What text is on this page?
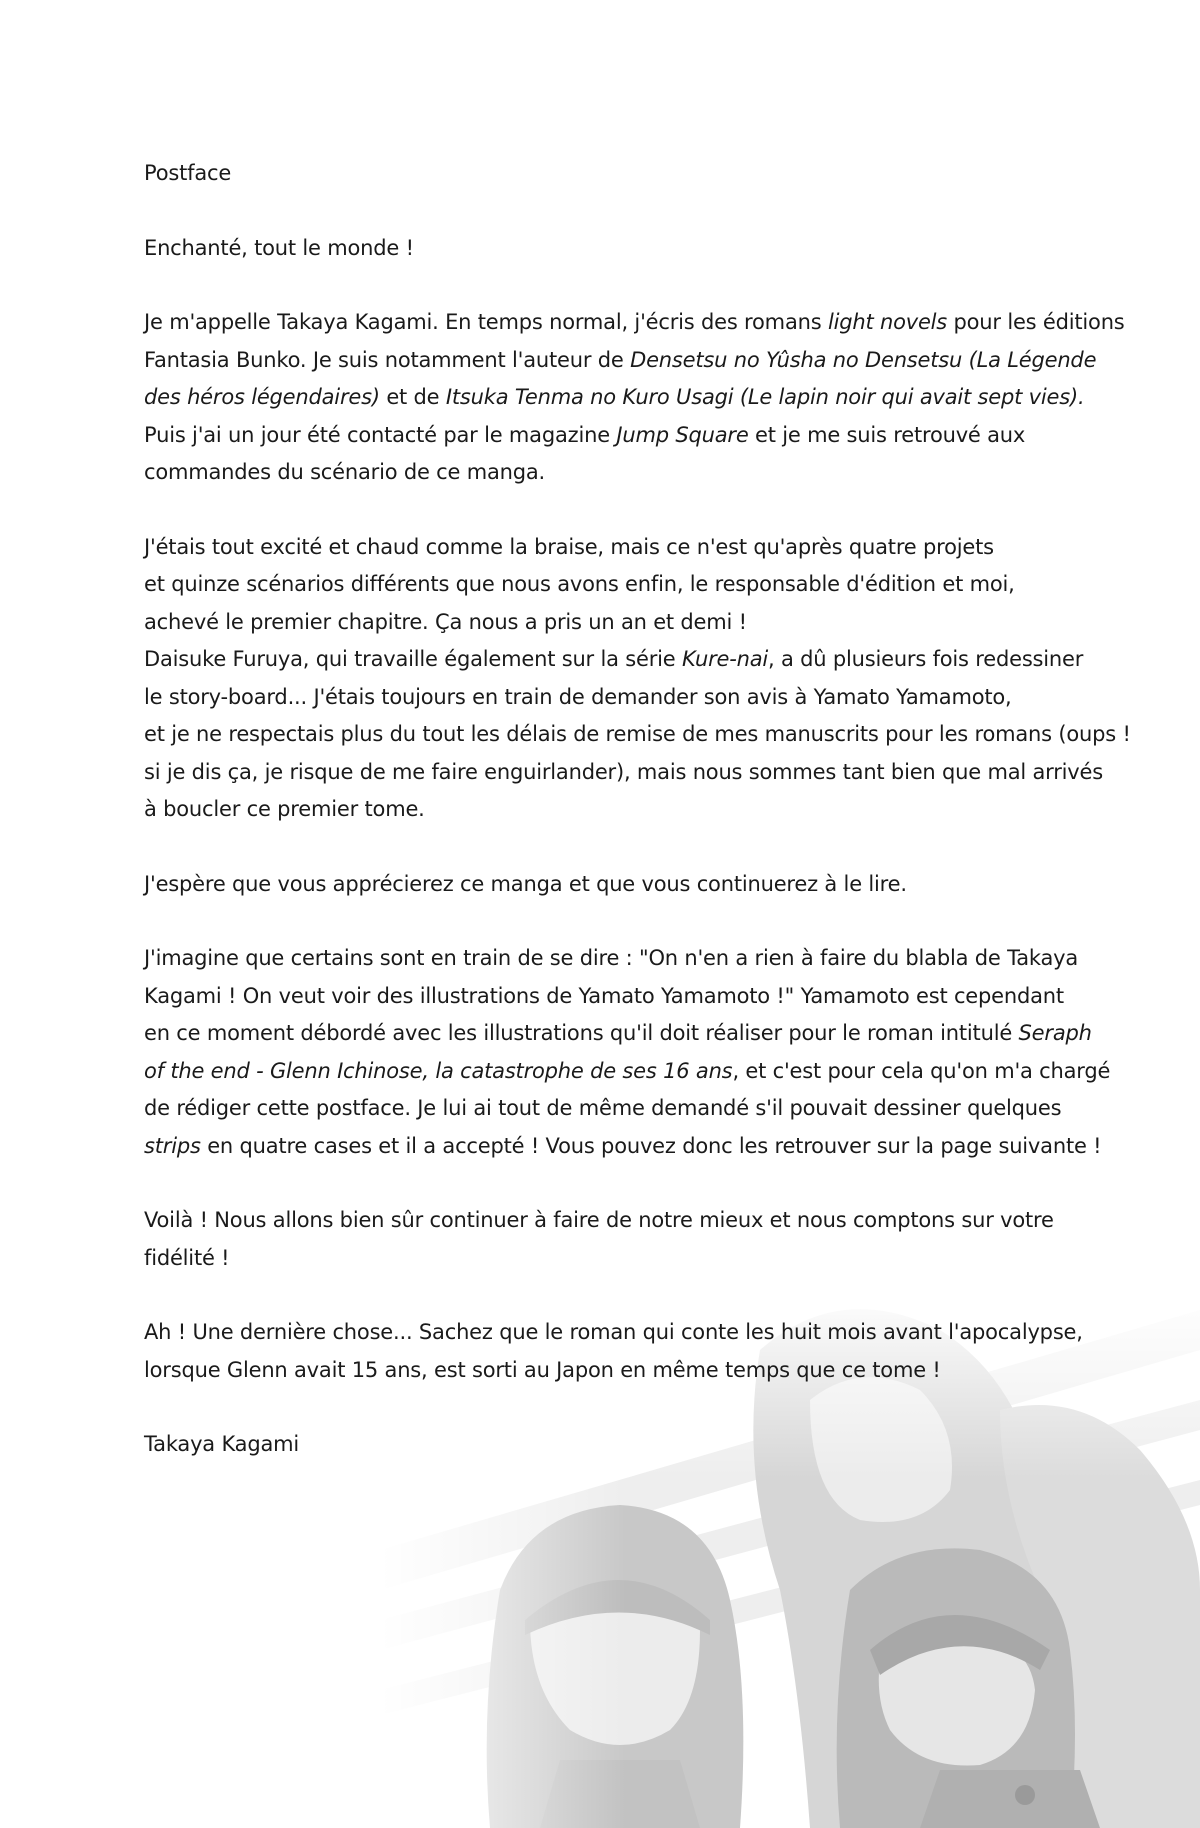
Postface

Enchanté, tout le monde !

Je m'appelle Takaya Kagami. En temps normal, j'écris des romans light novels pour les éditions
Fantasia Bunko. Je suis notamment l'auteur de Densetsu no Yûsha no Densetsu (La Légende
des héros légendaires) et de Itsuka Tenma no Kuro Usagi (Le lapin noir qui avait sept vies).
Puis j'ai un jour été contacté par le magazine Jump Square et je me suis retrouvé aux
commandes du scénario de ce manga.

J'étais tout excité et chaud comme la braise, mais ce n'est qu'après quatre projets
et quinze scénarios différents que nous avons enfin, le responsable d'édition et moi,
achevé le premier chapitre. Ça nous a pris un an et demi !
Daisuke Furuya, qui travaille également sur la série Kure-nai, a dû plusieurs fois redessiner
le story-board... J'étais toujours en train de demander son avis à Yamato Yamamoto,
et je ne respectais plus du tout les délais de remise de mes manuscrits pour les romans (oups !
si je dis ça, je risque de me faire enguirlander), mais nous sommes tant bien que mal arrivés
à boucler ce premier tome.

J'espère que vous apprécierez ce manga et que vous continuerez à le lire.

J'imagine que certains sont en train de se dire : "On n'en a rien à faire du blabla de Takaya
Kagami ! On veut voir des illustrations de Yamato Yamamoto !" Yamamoto est cependant
en ce moment débordé avec les illustrations qu'il doit réaliser pour le roman intitulé Seraph
of the end - Glenn Ichinose, la catastrophe de ses 16 ans, et c'est pour cela qu'on m'a chargé
de rédiger cette postface. Je lui ai tout de même demandé s'il pouvait dessiner quelques
strips en quatre cases et il a accepté ! Vous pouvez donc les retrouver sur la page suivante !

Voilà ! Nous allons bien sûr continuer à faire de notre mieux et nous comptons sur votre
fidélité !

Ah ! Une dernière chose... Sachez que le roman qui conte les huit mois avant l'apocalypse,
lorsque Glenn avait 15 ans, est sorti au Japon en même temps que ce tome !

Takaya Kagami
